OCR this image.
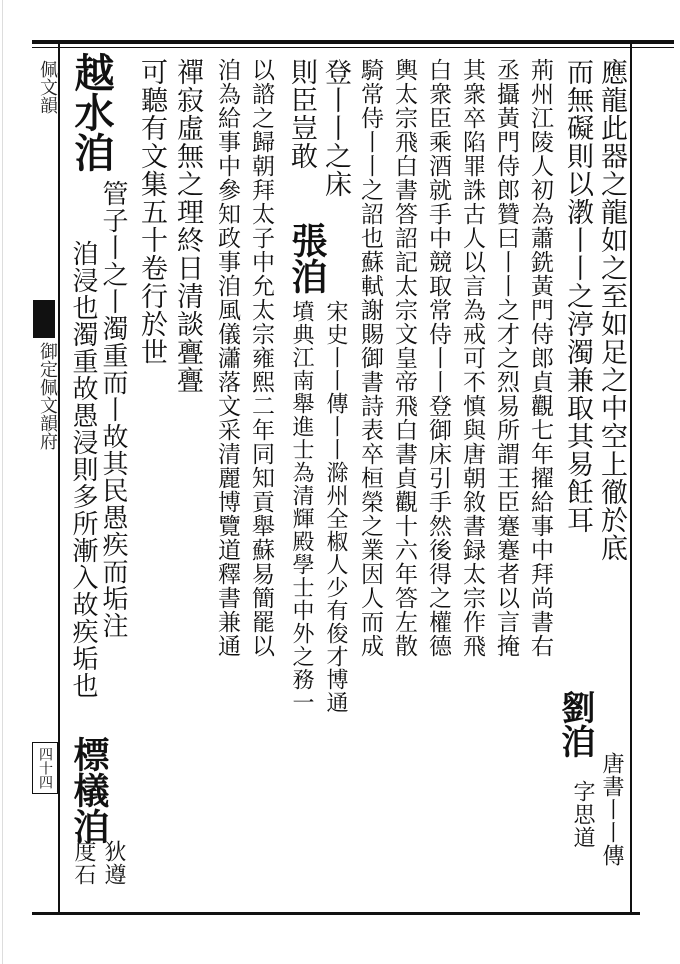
佩文韻
御定佩文韻府
四十四
應龍此器之龍如之至如足之中空上徹於底
而無礙則以漖丨丨之渟濁兼取其易飪耳
劉洎
唐書丨丨傳
字思道
荊州江陵人初為蕭銑黃門侍郎貞觀七年擢給事中拜尚書右
丞攝黃門侍郎贊曰丨丨之才之烈易所謂王臣蹇蹇者以言掩
其衆卒陷罪誅古人以言為戒可不慎與唐朝敘書録太宗作飛
白衆臣乘酒就手中競取常侍丨丨登御床引手然後得之權德
輿太宗飛白書答詔記太宗文皇帝飛白書貞觀十六年答左散
騎常侍丨丨之詔也蘇軾謝賜御書詩表卒桓榮之業因人而成
登丨丨之床
張洎
宋史丨丨傳丨丨滁州全椒人少有俊才博通
則臣豈敢
墳典江南舉進士為清輝殿學士中外之務一
以諮之歸朝拜太子中允太宗雍熙二年同知貢舉蘇易簡罷以
洎為給事中參知政事洎風儀瀟落文采清麗博覽道釋書兼通
禪寂虛無之理終日清談亹亹
可聽有文集五十卷行於世
越水洎
管子丨之丨濁重而丨故其民愚疾而垢注
洎浸也濁重故愚浸則多所漸入故疾垢也
標檥洎
狄遵
度石
